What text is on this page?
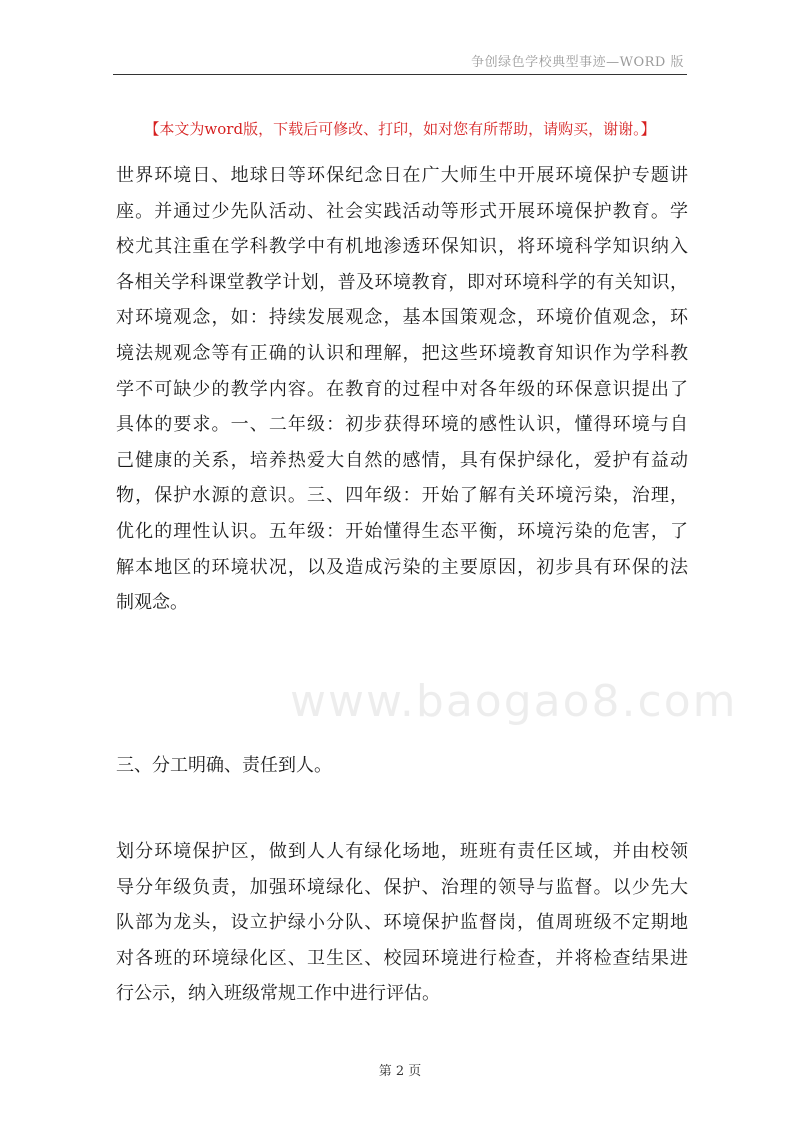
争创绿色学校典型事迹—WORD 版
【本文为word版，下载后可修改、打印，如对您有所帮助，请购买，谢谢。】
世界环境日、地球日等环保纪念日在广大师生中开展环境保护专题讲
座。并通过少先队活动、社会实践活动等形式开展环境保护教育。学
校尤其注重在学科教学中有机地渗透环保知识，将环境科学知识纳入
各相关学科课堂教学计划，普及环境教育，即对环境科学的有关知识，
对环境观念，如：持续发展观念，基本国策观念，环境价值观念，环
境法规观念等有正确的认识和理解，把这些环境教育知识作为学科教
学不可缺少的教学内容。在教育的过程中对各年级的环保意识提出了
具体的要求。一、二年级：初步获得环境的感性认识，懂得环境与自
己健康的关系，培养热爱大自然的感情，具有保护绿化，爱护有益动
物，保护水源的意识。三、四年级：开始了解有关环境污染，治理，
优化的理性认识。五年级：开始懂得生态平衡，环境污染的危害，了
解本地区的环境状况，以及造成污染的主要原因，初步具有环保的法
制观念。
三、分工明确、责任到人。
划分环境保护区，做到人人有绿化场地，班班有责任区域，并由校领
导分年级负责，加强环境绿化、保护、治理的领导与监督。以少先大
队部为龙头，设立护绿小分队、环境保护监督岗，值周班级不定期地
对各班的环境绿化区、卫生区、校园环境进行检查，并将检查结果进
行公示，纳入班级常规工作中进行评估。
www.baogao8.com
第 2 页
